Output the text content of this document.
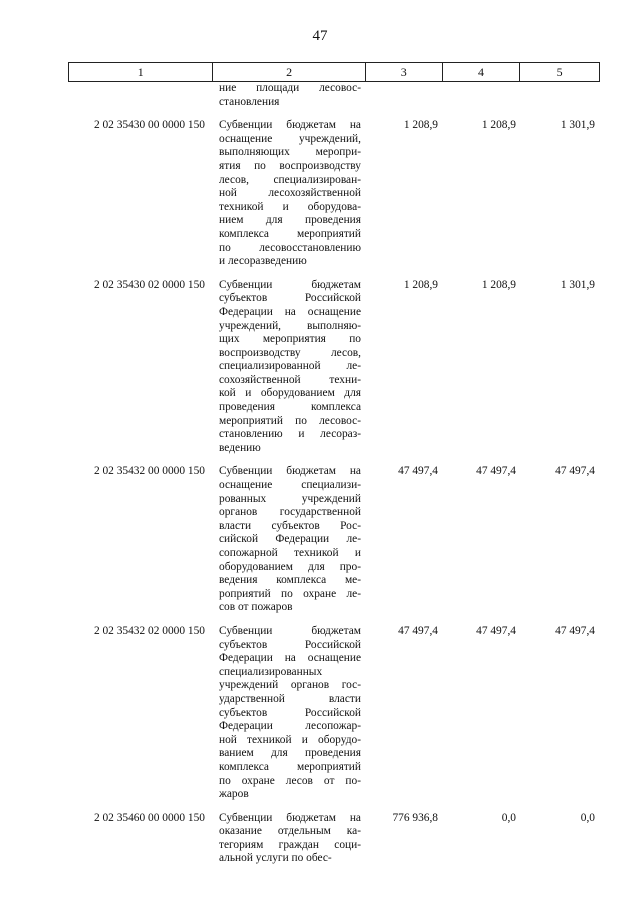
47
1	2	3	4	5
ние площади лесовос-
становления
2 02 35430 00 0000 150	Субвенции бюджетам на
оснащение учреждений,
выполняющих меропри-
ятия по воспроизводству
лесов, специализирован-
ной лесохозяйственной
техникой и оборудова-
нием для проведения
комплекса мероприятий
по лесовосстановлению
и лесоразведению
1 208,9	1 208,9	1 301,9
2 02 35430 02 0000 150	Субвенции бюджетам
субъектов Российской
Федерации на оснащение
учреждений, выполняю-
щих мероприятия по
воспроизводству лесов,
специализированной ле-
сохозяйственной техни-
кой и оборудованием для
проведения комплекса
мероприятий по лесовос-
становлению и лесораз-
ведению
1 208,9	1 208,9	1 301,9
2 02 35432 00 0000 150	Субвенции бюджетам на
оснащение специализи-
рованных учреждений
органов государственной
власти субъектов Рос-
сийской Федерации ле-
сопожарной техникой и
оборудованием для про-
ведения комплекса ме-
роприятий по охране ле-
сов от пожаров
47 497,4	47 497,4	47 497,4
2 02 35432 02 0000 150	Субвенции бюджетам
субъектов Российской
Федерации на оснащение
специализированных
учреждений органов гос-
ударственной власти
субъектов Российской
Федерации лесопожар-
ной техникой и оборудо-
ванием для проведения
комплекса мероприятий
по охране лесов от по-
жаров
47 497,4	47 497,4	47 497,4
2 02 35460 00 0000 150	Субвенции бюджетам на
оказание отдельным ка-
тегориям граждан соци-
альной услуги по обес-
776 936,8	0,0	0,0
